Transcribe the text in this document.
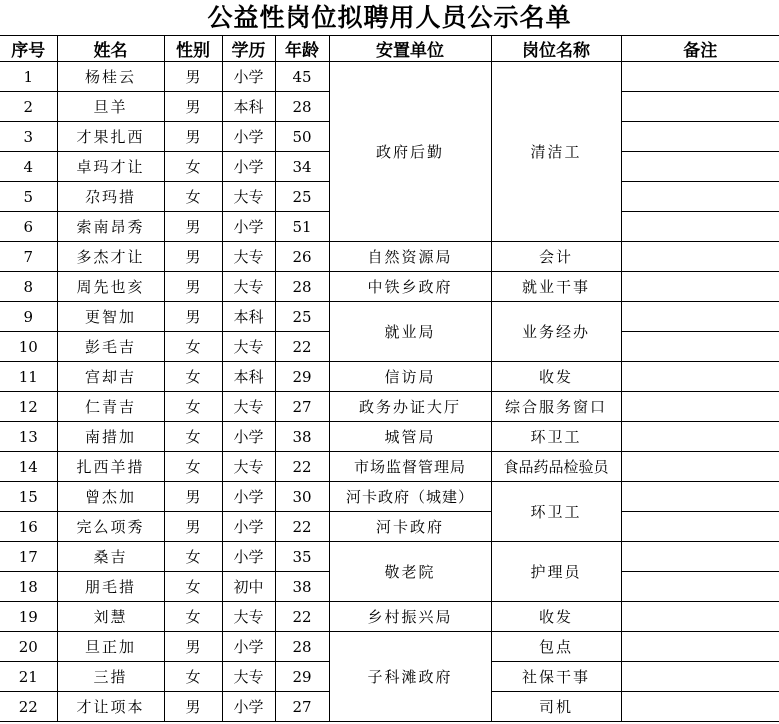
公益性岗位拟聘用人员公示名单
序号	姓名	性别	学历	年龄	安置单位	岗位名称	备注
1	杨桂云	男	小学	45	政府后勤	清洁工	
2	旦羊	男	本科	28			
3	才果扎西	男	小学	50			
4	卓玛才让	女	小学	34			
5	尕玛措	女	大专	25			
6	索南昂秀	男	小学	51			
7	多杰才让	男	大专	26	自然资源局	会计	
8	周先也亥	男	大专	28	中铁乡政府	就业干事	
9	更智加	男	本科	25	就业局	业务经办	
10	彭毛吉	女	大专	22			
11	宫却吉	女	本科	29	信访局	收发	
12	仁青吉	女	大专	27	政务办证大厅	综合服务窗口	
13	南措加	女	小学	38	城管局	环卫工	
14	扎西羊措	女	大专	22	市场监督管理局	食品药品检验员	
15	曾杰加	男	小学	30	河卡政府（城建）	环卫工	
16	完么项秀	男	小学	22	河卡政府		
17	桑吉	女	小学	35	敬老院	护理员	
18	朋毛措	女	初中	38			
19	刘慧	女	大专	22	乡村振兴局	收发	
20	旦正加	男	小学	28	子科滩政府	包点	
21	三措	女	大专	29		社保干事	
22	才让项本	男	小学	27		司机	
